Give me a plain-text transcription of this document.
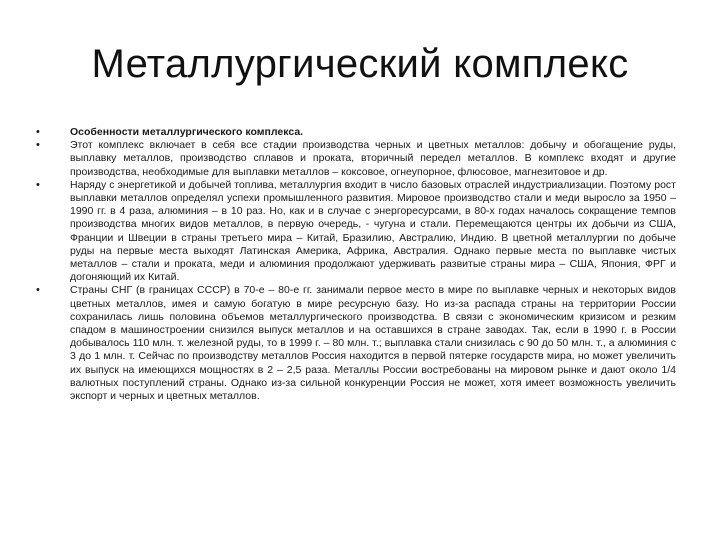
Металлургический комплекс
•	Особенности металлургического комплекса.
•	Этот комплекс включает в себя все стадии производства черных и цветных металлов: добычу и обогащение руды, выплавку металлов, производство сплавов и проката, вторичный передел металлов. В комплекс входят и другие производства, необходимые для выплавки металлов – коксовое, огнеупорное, флюсовое, магнезитовое и др.
•	Наряду с энергетикой и добычей топлива, металлургия входит в число базовых отраслей индустриализации. Поэтому рост выплавки металлов определял успехи промышленного развития. Мировое производство стали и меди выросло за 1950 – 1990 гг. в 4 раза, алюминия – в 10 раз. Но, как и в случае с энергоресурсами, в 80-х годах началось сокращение темпов производства многих видов металлов, в первую очередь, - чугуна и стали. Перемещаются центры их добычи из США, Франции и Швеции в страны третьего мира – Китай, Бразилию, Австралию, Индию. В цветной металлургии по добыче руды на первые места выходят Латинская Америка, Африка, Австралия. Однако первые места по выплавке чистых металлов – стали и проката, меди и алюминия продолжают удерживать развитые страны мира – США, Япония, ФРГ и догоняющий их Китай.
•	Страны СНГ (в границах СССР) в 70-е – 80-е гг. занимали первое место в мире по выплавке черных и некоторых видов цветных металлов, имея и самую богатую в мире ресурсную базу. Но из-за распада страны на территории России сохранилась лишь половина объемов металлургического производства. В связи с экономическим кризисом и резким спадом в машиностроении снизился выпуск металлов и на оставшихся в стране заводах. Так, если в 1990 г. в России добывалось 110 млн. т. железной руды, то в 1999 г. – 80 млн. т.; выплавка стали снизилась с 90 до 50 млн. т., а алюминия с 3 до 1 млн. т. Сейчас по производству металлов Россия находится в первой пятерке государств мира, но может увеличить их выпуск на имеющихся мощностях в 2 – 2,5 раза. Металлы России востребованы на мировом рынке и дают около 1/4 валютных поступлений страны. Однако из-за сильной конкуренции Россия не может, хотя имеет возможность увеличить экспорт и черных и цветных металлов.
